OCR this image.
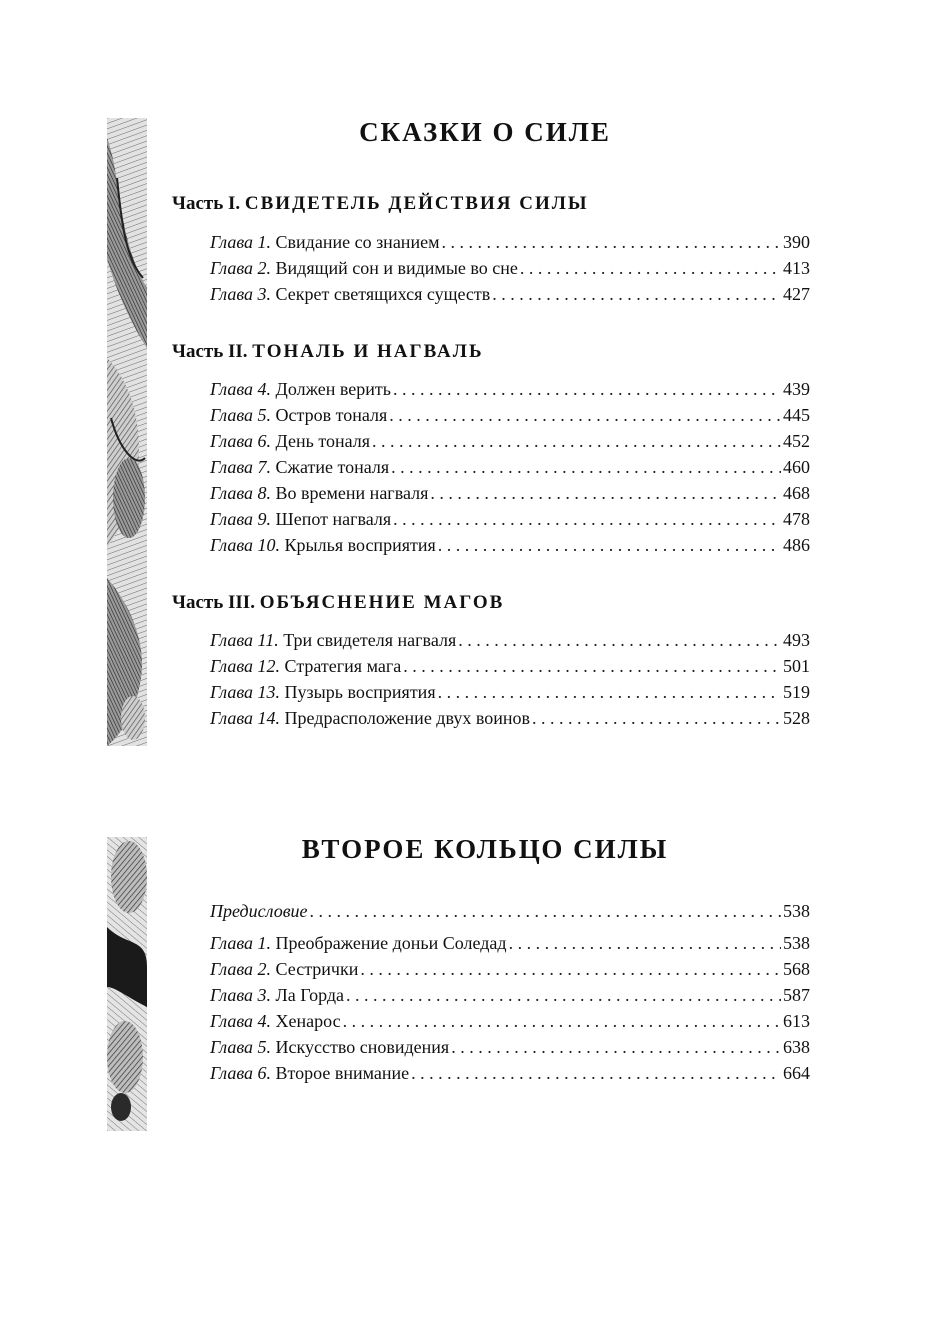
СКАЗКИ О СИЛЕ
Часть I. СВИДЕТЕЛЬ ДЕЙСТВИЯ СИЛЫ
Глава 1. Свидание со знанием . . .	390
Глава 2. Видящий сон и видимые во сне . . .	413
Глава 3. Секрет светящихся существ . . .	427
Часть II. ТОНАЛЬ И НАГВАЛЬ
Глава 4. Должен верить . . .	439
Глава 5. Остров тоналя . . .	445
Глава 6. День тоналя . . .	452
Глава 7. Сжатие тоналя . . .	460
Глава 8. Во времени нагваля . . .	468
Глава 9. Шепот нагваля . . .	478
Глава 10. Крылья восприятия . . .	486
Часть III. ОБЪЯСНЕНИЕ МАГОВ
Глава 11. Три свидетеля нагваля . . .	493
Глава 12. Стратегия мага . . .	501
Глава 13. Пузырь восприятия . . .	519
Глава 14. Предрасположение двух воинов . . .	528
ВТОРОЕ КОЛЬЦО СИЛЫ
Предисловие . . .	538
Глава 1. Преображение доньи Соледад . . .	538
Глава 2. Сестрички . . .	568
Глава 3. Ла Горда . . .	587
Глава 4. Хенарос . . .	613
Глава 5. Искусство сновидения . . .	638
Глава 6. Второе внимание . . .	664
